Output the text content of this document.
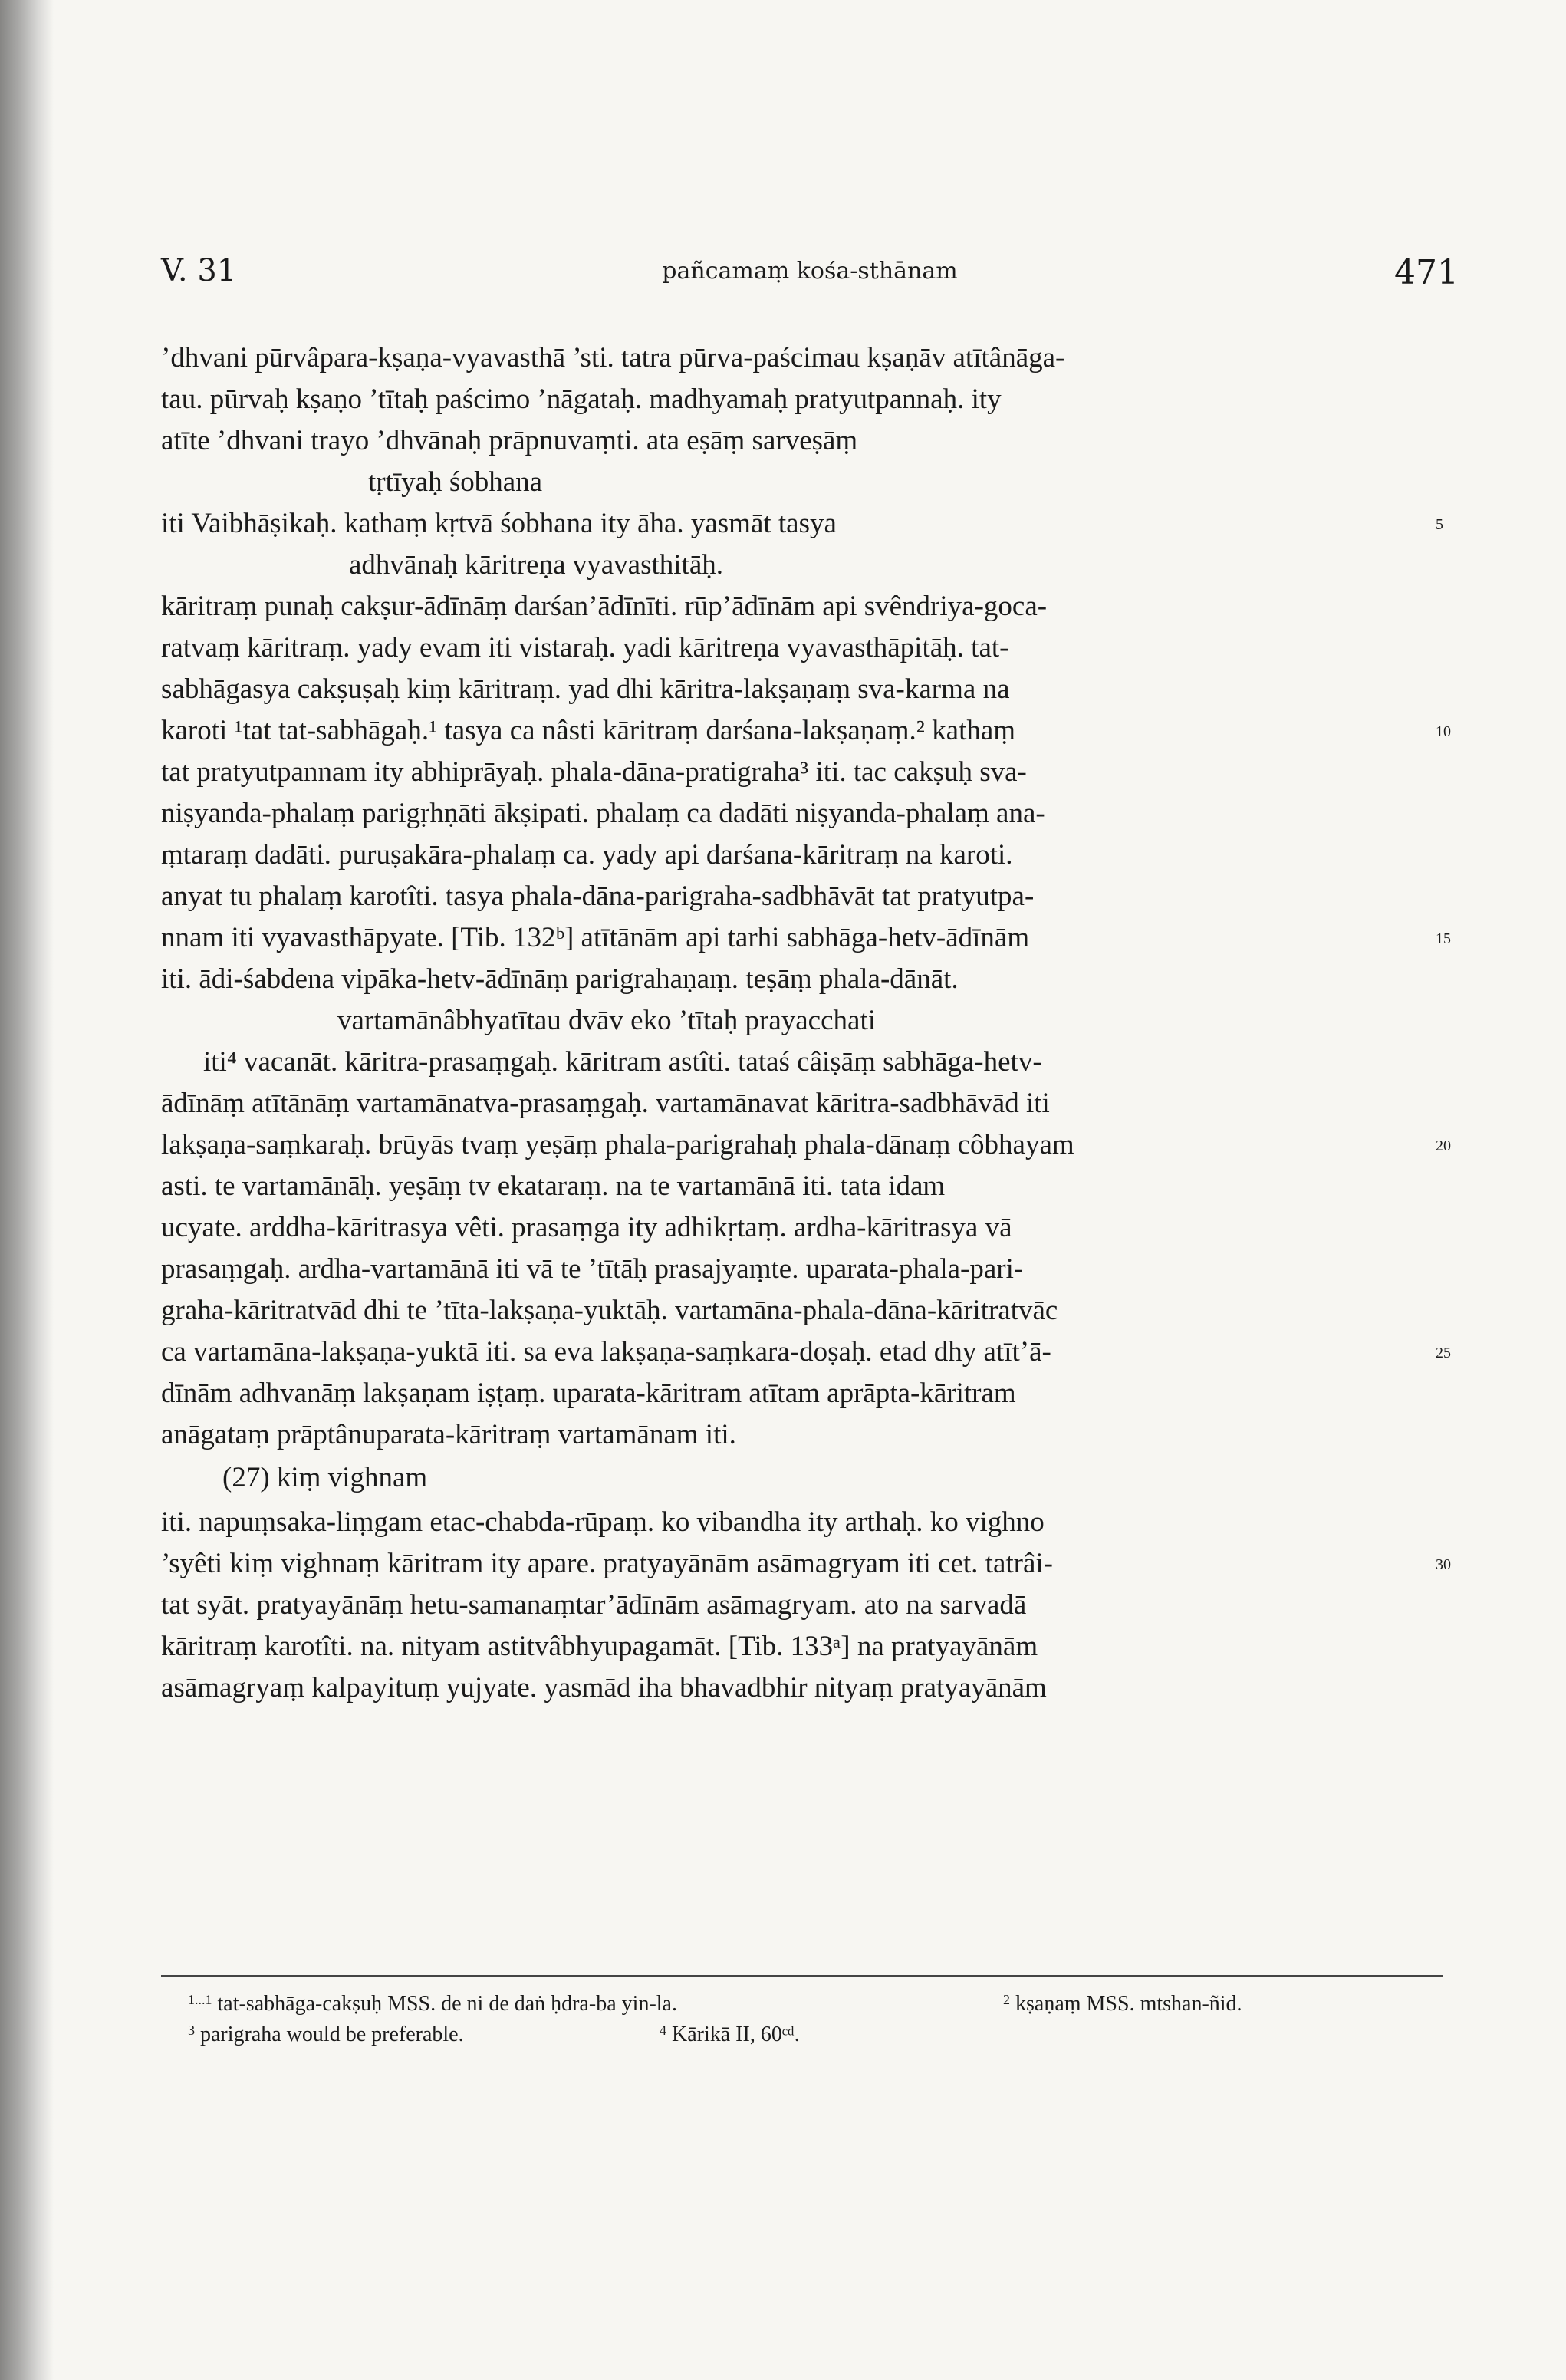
V. 31	pañcamaṃ kośa-sthānam	471
’dhvani pūrvâpara-kṣaṇa-vyavasthā ’sti. tatra pūrva-paścimau kṣaṇāv atītânāga-
tau. pūrvaḥ kṣaṇo ’tītaḥ paścimo ’nāgataḥ. madhyamaḥ pratyutpannaḥ. ity
atīte ’dhvani trayo ’dhvānaḥ prāpnuvaṃti. ata eṣāṃ sarveṣāṃ
tṛtīyaḥ śobhana
iti Vaibhāṣikaḥ. kathaṃ kṛtvā śobhana ity āha. yasmāt tasya
adhvānaḥ kāritreṇa vyavasthitāḥ.
kāritraṃ punaḥ cakṣur-ādīnāṃ darśan’ādīnīti. rūp’ādīnām api svêndriya-goca-
ratvaṃ kāritraṃ. yady evam iti vistaraḥ. yadi kāritreṇa vyavasthāpitāḥ. tat-
sabhāgasya cakṣuṣaḥ kiṃ kāritraṃ. yad dhi kāritra-lakṣaṇaṃ sva-karma na
karoti ¹tat tat-sabhāgaḥ.¹ tasya ca nâsti kāritraṃ darśana-lakṣaṇaṃ.² kathaṃ
tat pratyutpannam ity abhiprāyaḥ. phala-dāna-pratigraha³ iti. tac cakṣuḥ sva-
niṣyanda-phalaṃ parigṛhṇāti ākṣipati. phalaṃ ca dadāti niṣyanda-phalaṃ ana-
ṃtaraṃ dadāti. puruṣakāra-phalaṃ ca. yady api darśana-kāritraṃ na karoti.
anyat tu phalaṃ karotîti. tasya phala-dāna-parigraha-sadbhāvāt tat pratyutpa-
nnam iti vyavasthāpyate. [Tib. 132ᵇ] atītānām api tarhi sabhāga-hetv-ādīnām
iti. ādi-śabdena vipāka-hetv-ādīnāṃ parigrahaṇaṃ. teṣāṃ phala-dānāt.
vartamānâbhyatītau dvāv eko ’tītaḥ prayacchati
iti⁴ vacanāt. kāritra-prasaṃgaḥ. kāritram astîti. tataś câiṣāṃ sabhāga-hetv-
ādīnāṃ atītānāṃ vartamānatva-prasaṃgaḥ. vartamānavat kāritra-sadbhāvād iti
lakṣaṇa-saṃkaraḥ. brūyās tvaṃ yeṣāṃ phala-parigrahaḥ phala-dānaṃ côbhayam
asti. te vartamānāḥ. yeṣāṃ tv ekataraṃ. na te vartamānā iti. tata idam
ucyate. arddha-kāritrasya vêti. prasaṃga ity adhikṛtaṃ. ardha-kāritrasya vā
prasaṃgaḥ. ardha-vartamānā iti vā te ’tītāḥ prasajyaṃte. uparata-phala-pari-
graha-kāritratvād dhi te ’tīta-lakṣaṇa-yuktāḥ. vartamāna-phala-dāna-kāritratvāc
ca vartamāna-lakṣaṇa-yuktā iti. sa eva lakṣaṇa-saṃkara-doṣaḥ. etad dhy atīt’ā-
dīnām adhvanāṃ lakṣaṇam iṣṭaṃ. uparata-kāritram atītam aprāpta-kāritram
anāgataṃ prāptânuparata-kāritraṃ vartamānam iti.
(27) kiṃ vighnam
iti. napuṃsaka-liṃgam etac-chabda-rūpaṃ. ko vibandha ity arthaḥ. ko vighno
’syêti kiṃ vighnaṃ kāritram ity apare. pratyayānām asāmagryam iti cet. tatrâi-
tat syāt. pratyayānāṃ hetu-samanaṃtar’ādīnām asāmagryam. ato na sarvadā
kāritraṃ karotîti. na. nityam astitvâbhyupagamāt. [Tib. 133ᵃ] na pratyayānām
asāmagryaṃ kalpayituṃ yujyate. yasmād iha bhavadbhir nityaṃ pratyayānām
5
10
15
20
25
30
$^{1...1}$ tat-sabhāga-cakṣuḥ MSS. de ni de daṅ ḥdra-ba yin-la.	$^2$ kṣaṇaṃ MSS. mtshan-ñid.
$^3$ parigraha would be preferable.	$^4$ Kārikā II, 60ᶜᵈ.
